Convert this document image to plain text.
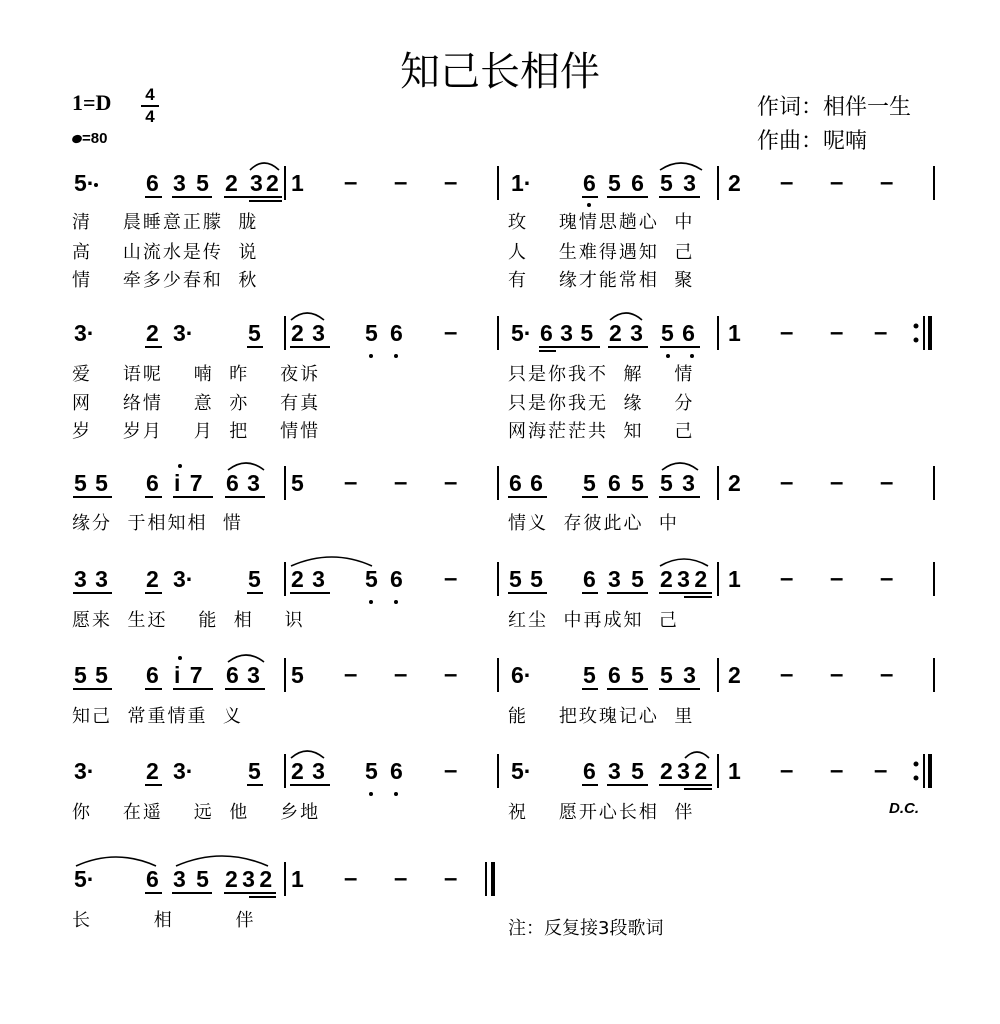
知己长相伴
1=D 4
4
=80
作词：相伴一生
作曲：呢喃
5· 6 3 5 2 3 2 1 – – – 1· 6 5 6 5 3 2 – – –
清    晨睡意正朦  胧	玫    瑰情思趟心  中
高    山流水是传  说	人    生难得遇知  己
情    牵多少春和  秋	有    缘才能常相  聚
3· 2 3· 5 2 3 5 6 – 5· 6 3 5 2 3 5 6 1 – – –
爱    语呢    喃  昨    夜诉	只是你我不  解    情
网    络情    意  亦    有真	只是你我无  缘    分
岁    岁月    月  把    情惜	网海茫茫共  知    己
5 5 6 i 7 6 3 5 – – – 6 6 5 6 5 5 3 2 – – –
缘分  于相知相  惜	情义  存彼此心  中
3 3 2 3· 5 2 3 5 6 – 5 5 6 3 5 2 3 2 1 – – –
愿来  生还    能  相    识	红尘  中再成知  己
5 5 6 i 7 6 3 5 – – – 6· 5 6 5 5 3 2 – – –
知己  常重情重  义	能    把玫瑰记心  里
3· 2 3· 5 2 3 5 6 – 5· 6 3 5 2 3 2 1 – – –
你    在遥    远  他    乡地	祝    愿开心长相  伴	D.C.
5· 6 3 5 2 3 2 1 – – –
长        相        伴	注：反复接3段歌词
